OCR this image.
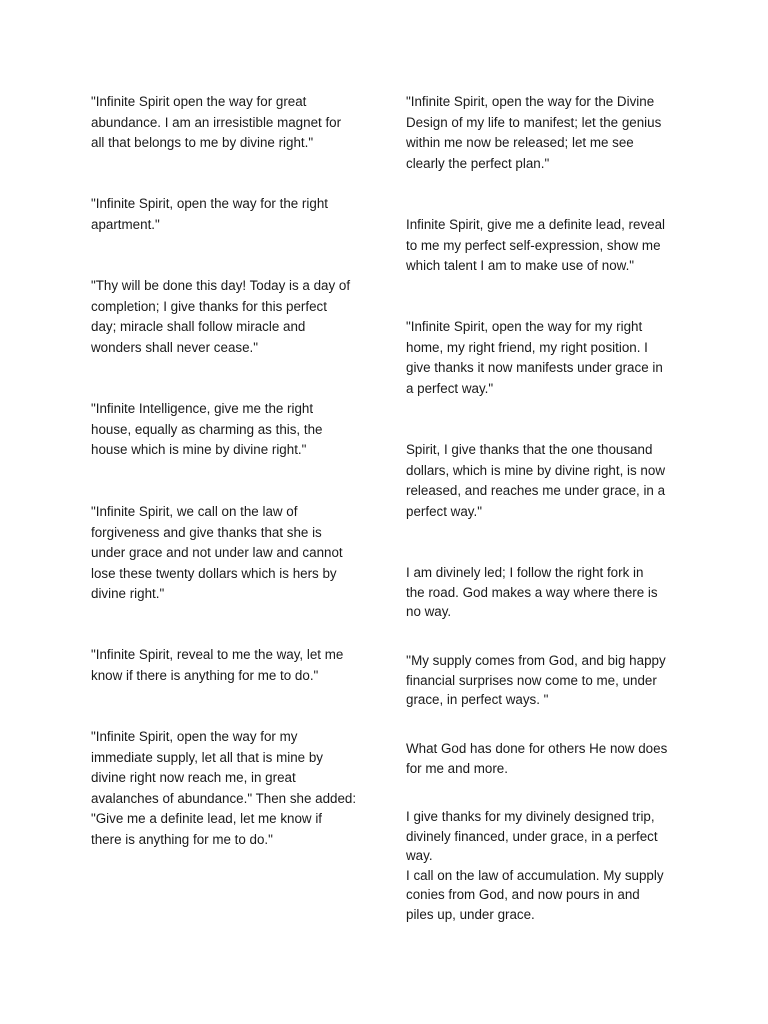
"Infinite Spirit open the way for great
abundance. I am an irresistible magnet for
all that belongs to me by divine right."

"Infinite Spirit, open the way for the right
apartment."

"Thy will be done this day! Today is a day of
completion; I give thanks for this perfect
day; miracle shall follow miracle and
wonders shall never cease."

"Infinite Intelligence, give me the right
house, equally as charming as this, the
house which is mine by divine right."

"Infinite Spirit, we call on the law of
forgiveness and give thanks that she is
under grace and not under law and cannot
lose these twenty dollars which is hers by
divine right."

"Infinite Spirit, reveal to me the way, let me
know if there is anything for me to do."

"Infinite Spirit, open the way for my
immediate supply, let all that is mine by
divine right now reach me, in great
avalanches of abundance." Then she added:
"Give me a definite lead, let me know if
there is anything for me to do."

"Infinite Spirit, open the way for the Divine
Design of my life to manifest; let the genius
within me now be released; let me see
clearly the perfect plan."

Infinite Spirit, give me a definite lead, reveal
to me my perfect self-expression, show me
which talent I am to make use of now."

"Infinite Spirit, open the way for my right
home, my right friend, my right position. I
give thanks it now manifests under grace in
a perfect way."

Spirit, I give thanks that the one thousand
dollars, which is mine by divine right, is now
released, and reaches me under grace, in a
perfect way."

I am divinely led; I follow the right fork in
the road. God makes a way where there is
no way.

''My supply comes from God, and big happy
financial surprises now come to me, under
grace, in perfect ways. "

What God has done for others He now does
for me and more.

I give thanks for my divinely designed trip,
divinely financed, under grace, in a perfect
way.
I call on the law of accumulation. My supply
conies from God, and now pours in and
piles up, under grace.
